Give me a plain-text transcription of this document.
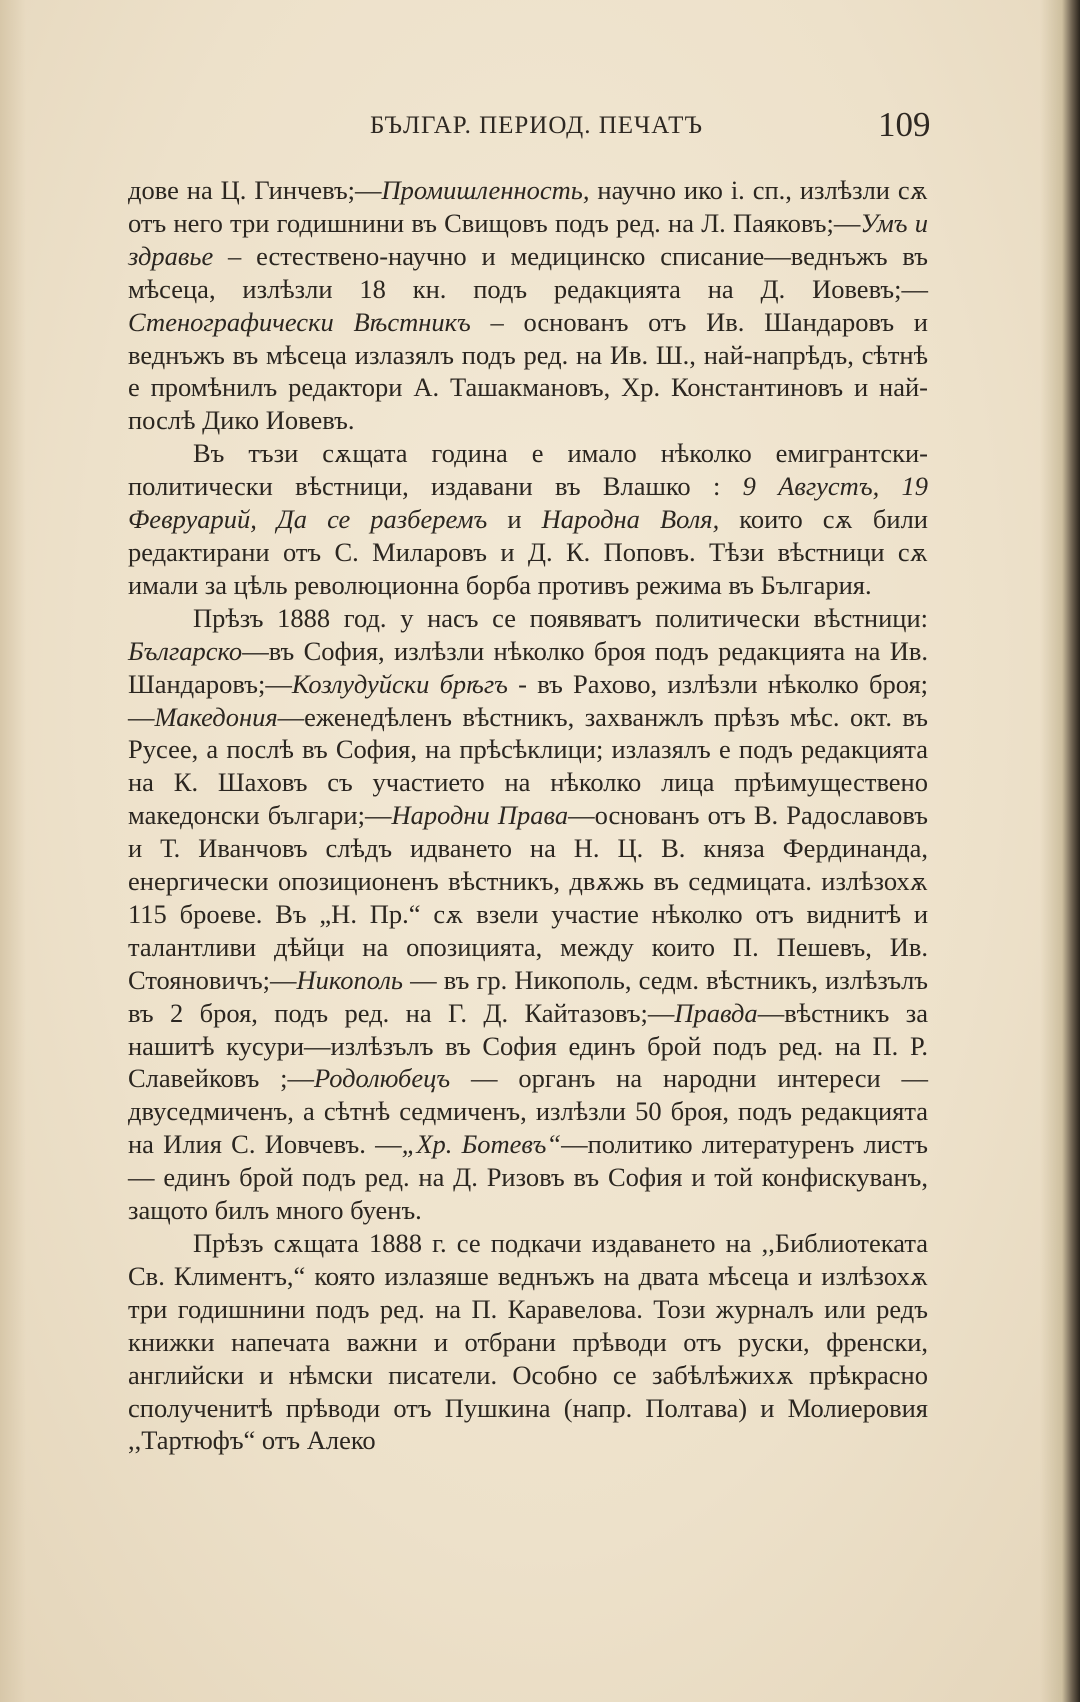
БЪЛГАР. ПЕРИОД. ПЕЧАТЪ	109

дове на Ц. Гинчевъ;—Промишленность, научно ико і. сп., излѣзли сѫ отъ него три годишнини въ Свищовъ подъ ред. на Л. Паяковъ;—Умъ и здравье – естествено-научно и медицинско списание—веднъжъ въ мѣсеца, излѣзли 18 кн. подъ редакцията на Д. Иовевъ;— Стенографически Вѣстникъ – основанъ отъ Ив. Шандаровъ и веднъжъ въ мѣсеца излазялъ подъ ред. на Ив. Ш., най-напрѣдъ, сѣтнѣ е промѣнилъ редактори А. Ташакмановъ, Хр. Константиновъ и най-послѣ Дико Иовевъ.

Въ тъзи сѫщата година е имало нѣколко емигрантски-политически вѣстници, издавани въ Влашко : 9 Августъ, 19 Февруарий, Да се разберемъ и Народна Воля, които сѫ били редактирани отъ С. Миларовъ и Д. К. Поповъ. Тѣзи вѣстници сѫ имали за цѣль революционна борба противъ режима въ България.

Прѣзъ 1888 год. у насъ се появяватъ политически вѣстници: Българско—въ София, излѣзли нѣколко броя подъ редакцията на Ив. Шандаровъ;—Козлудуйски брѣгъ - въ Рахово, излѣзли нѣколко броя;—Македония—еженедѣленъ вѣстникъ, захванжлъ прѣзъ мѣс. окт. въ Русее, а послѣ въ София, на прѣсѣклици; излазялъ е подъ редакцията на К. Шаховъ съ участието на нѣколко лица прѣимуществено македонски българи;—Народни Права—основанъ отъ В. Радославовъ и Т. Иванчовъ слѣдъ идването на Н. Ц. В. княза Фердинанда, енергически опозиционенъ вѣстникъ, двѫжь въ седмицата. излѣзохѫ 115 броеве. Въ „Н. Пр.“ сѫ взели участие нѣколко отъ виднитѣ и талантливи дѣйци на опозицията, между които П. Пешевъ, Ив. Стояновичъ;—Никополь — въ гр. Никополь, седм. вѣстникъ, излѣзълъ въ 2 броя, подъ ред. на Г. Д. Кайтазовъ;—Правда—вѣстникъ за нашитѣ кусури—излѣзълъ въ София единъ брой подъ ред. на П. Р. Славейковъ ;—Родолюбецъ — органъ на народни интереси — двуседмиченъ, а сѣтнѣ седмиченъ, излѣзли 50 броя, подъ редакцията на Илия С. Иовчевъ. —„Хр. Ботевъ“—политико литературенъ листъ — единъ брой подъ ред. на Д. Ризовъ въ София и той конфискуванъ, защото билъ много буенъ.

Прѣзъ сѫщата 1888 г. се подкачи издаването на ,,Библиотеката Св. Климентъ,“ която излазяше веднъжъ на двата мѣсеца и излѣзохѫ три годишнини подъ ред. на П. Каравелова. Този журналъ или редъ книжки напечата важни и отбрани прѣводи отъ руски, френски, английски и нѣмски писатели. Особно се забѣлѣжихѫ прѣкрасно сполученитѣ прѣводи отъ Пушкина (напр. Полтава) и Молиеровия ,,Тартюфъ“ отъ Алеко
